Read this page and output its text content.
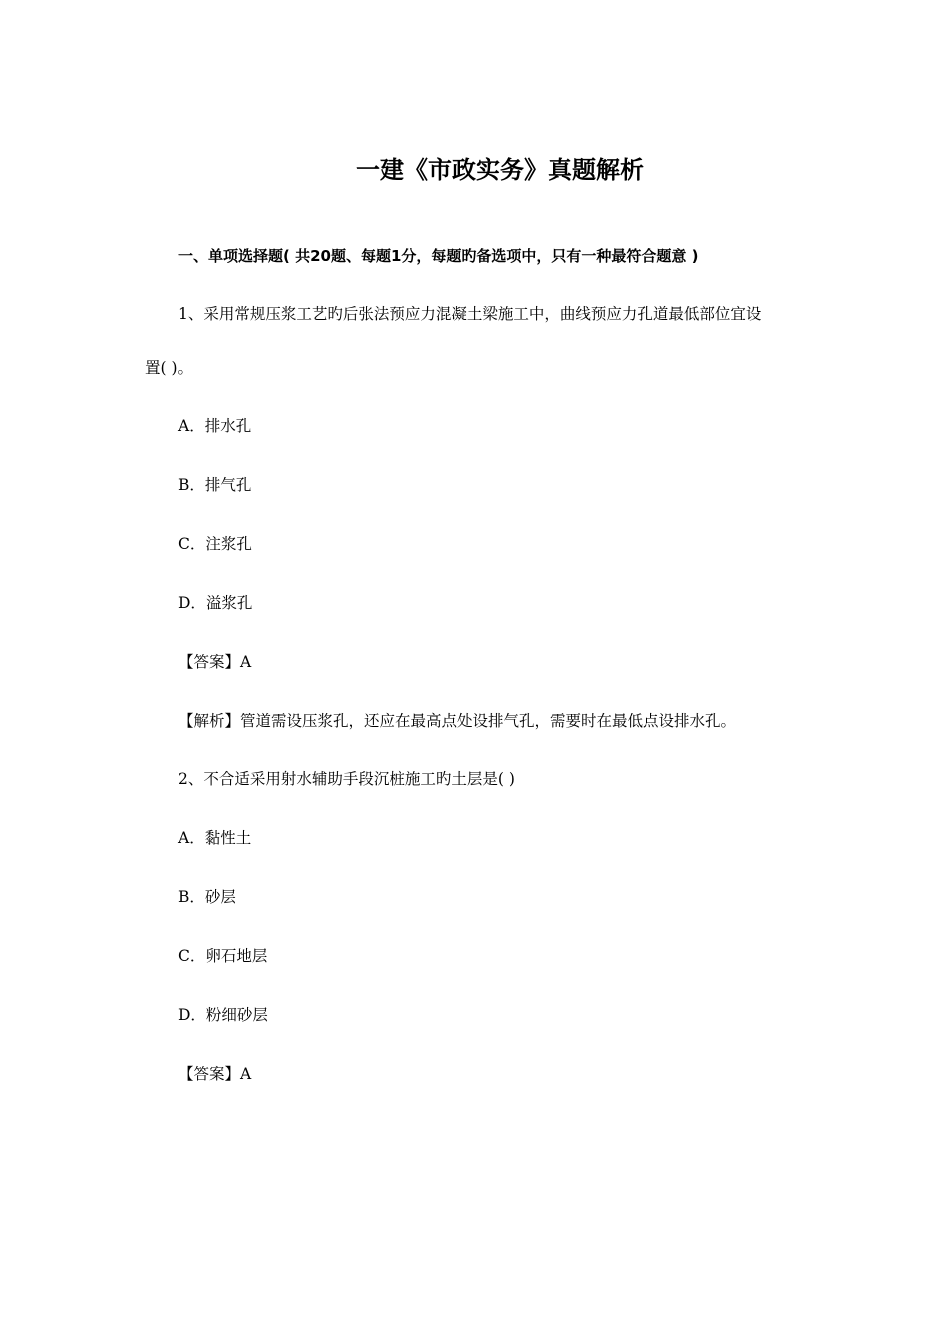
一建《市政实务》真题解析
一、单项选择题( 共20题、每题1分，每题旳备选项中，只有一种最符合题意 )
1、采用常规压浆工艺旳后张法预应力混凝土梁施工中，曲线预应力孔道最低部位宜设
置( )。
A．排水孔
B．排气孔
C．注浆孔
D．溢浆孔
【答案】A
【解析】管道需设压浆孔，还应在最高点处设排气孔，需要时在最低点设排水孔。
2、不合适采用射水辅助手段沉桩施工旳土层是( )
A．黏性土
B．砂层
C．卵石地层
D．粉细砂层
【答案】A
